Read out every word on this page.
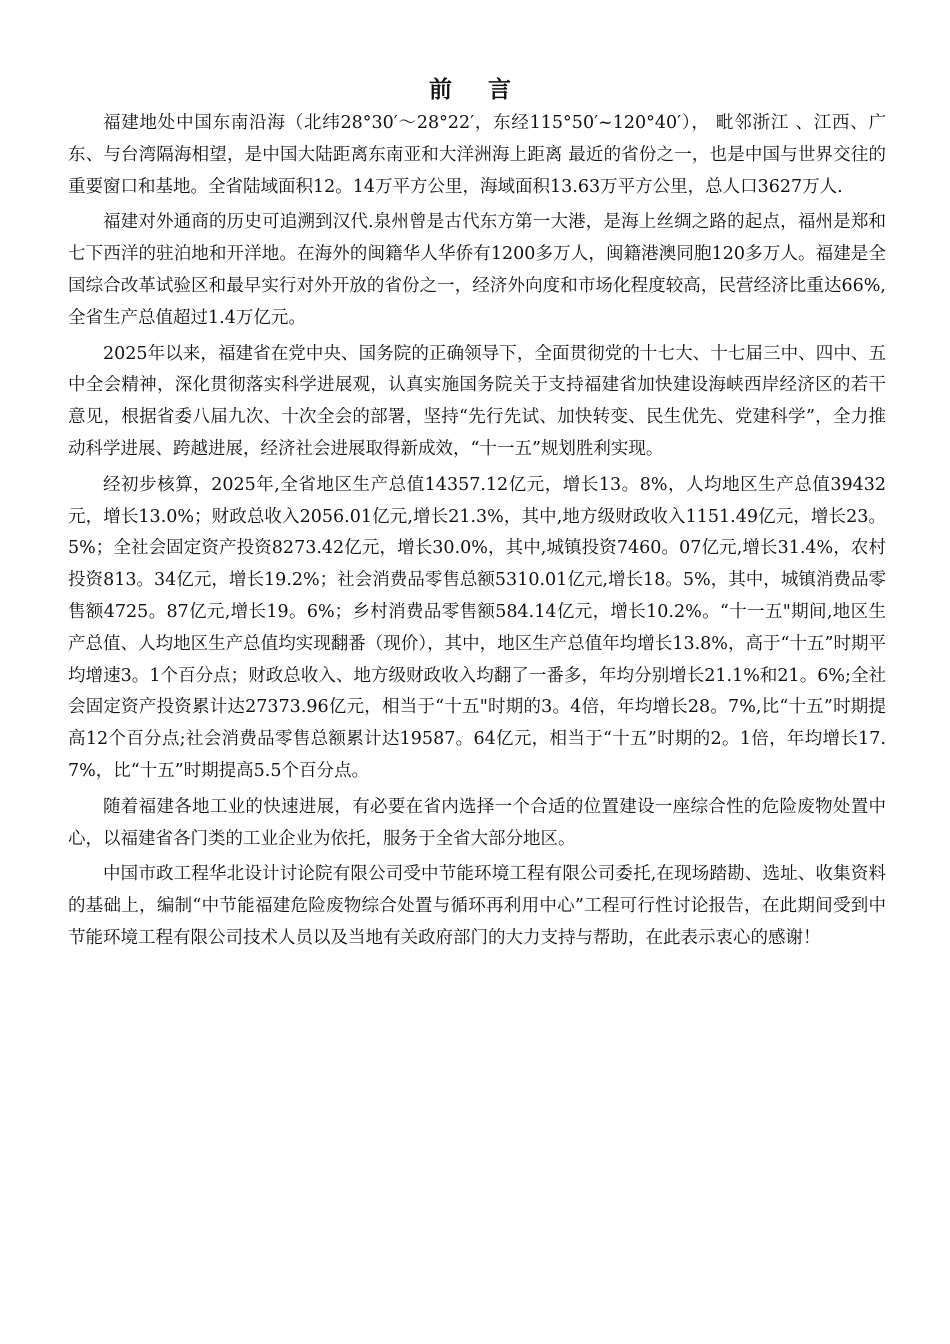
前 言

福建地处中国东南沿海（北纬28°30′～28°22′，东经115°50′~120°40′）， 毗邻浙江 、江西、广东、与台湾隔海相望，是中国大陆距离东南亚和大洋洲海上距离 最近的省份之一，也是中国与世界交往的重要窗口和基地。全省陆域面积12。14万平方公里，海域面积13.63万平方公里，总人口3627万人.

福建对外通商的历史可追溯到汉代.泉州曾是古代东方第一大港，是海上丝绸之路的起点，福州是郑和七下西洋的驻泊地和开洋地。在海外的闽籍华人华侨有1200多万人，闽籍港澳同胞120多万人。福建是全国综合改革试验区和最早实行对外开放的省份之一，经济外向度和市场化程度较高，民营经济比重达66%,全省生产总值超过1.4万亿元。

2025年以来，福建省在党中央、国务院的正确领导下，全面贯彻党的十七大、十七届三中、四中、五中全会精神，深化贯彻落实科学进展观，认真实施国务院关于支持福建省加快建设海峡西岸经济区的若干意见，根据省委八届九次、十次全会的部署，坚持“先行先试、加快转变、民生优先、党建科学”，全力推动科学进展、跨越进展，经济社会进展取得新成效，“十一五”规划胜利实现。

经初步核算，2025年,全省地区生产总值14357.12亿元，增长13。8%，人均地区生产总值39432元，增长13.0%；财政总收入2056.01亿元,增长21.3%，其中,地方级财政收入1151.49亿元，增长23。5%；全社会固定资产投资8273.42亿元，增长30.0%，其中,城镇投资7460。07亿元,增长31.4%，农村投资813。34亿元，增长19.2%；社会消费品零售总额5310.01亿元,增长18。5%，其中，城镇消费品零售额4725。87亿元,增长19。6%；乡村消费品零售额584.14亿元，增长10.2%。“十一五"期间,地区生产总值、人均地区生产总值均实现翻番（现价），其中，地区生产总值年均增长13.8%，高于“十五”时期平均增速3。1个百分点；财政总收入、地方级财政收入均翻了一番多，年均分别增长21.1%和21。6%;全社会固定资产投资累计达27373.96亿元，相当于“十五"时期的3。4倍，年均增长28。7%,比“十五”时期提高12个百分点;社会消费品零售总额累计达19587。64亿元，相当于“十五”时期的2。1倍，年均增长17.7%，比“十五”时期提高5.5个百分点。

随着福建各地工业的快速进展，有必要在省内选择一个合适的位置建设一座综合性的危险废物处置中心，以福建省各门类的工业企业为依托，服务于全省大部分地区。

中国市政工程华北设计讨论院有限公司受中节能环境工程有限公司委托,在现场踏勘、选址、收集资料的基础上，编制“中节能福建危险废物综合处置与循环再利用中心”工程可行性讨论报告，在此期间受到中节能环境工程有限公司技术人员以及当地有关政府部门的大力支持与帮助，在此表示衷心的感谢！
